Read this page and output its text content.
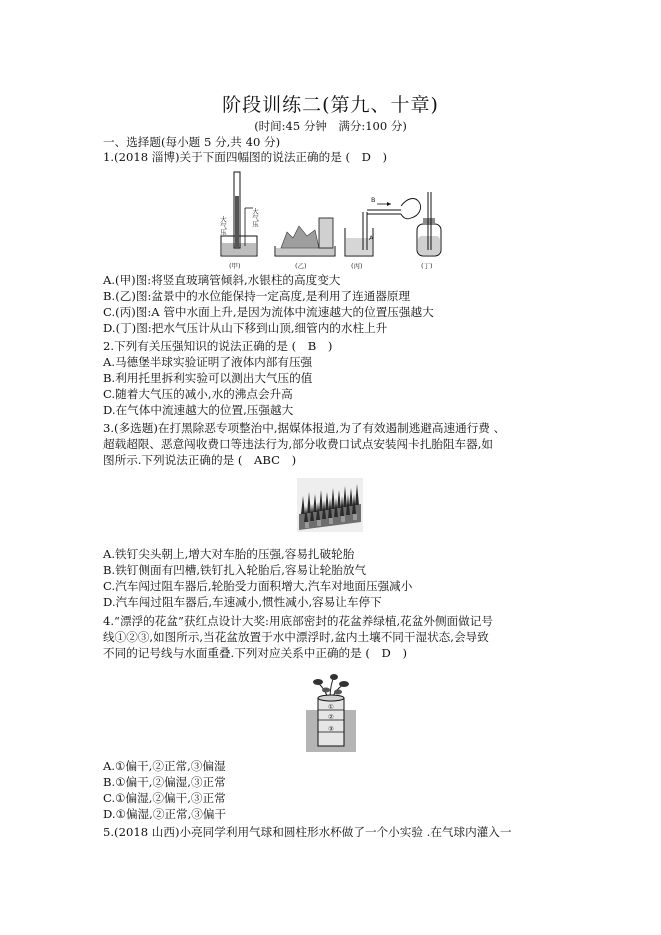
阶段训练二(第九、十章)
(时间:45 分钟　满分:100 分)
一、选择题(每小题 5 分,共 40 分)
1.(2018 淄博)关于下面四幅图的说法正确的是 (　D　)
大气压	大气压
(甲)	(乙)
B
A
(丙)	(丁)
A.(甲)图:将竖直玻璃管倾斜,水银柱的高度变大
B.(乙)图:盆景中的水位能保持一定高度,是利用了连通器原理
C.(丙)图:A 管中水面上升,是因为流体中流速越大的位置压强越大
D.(丁)图:把水气压计从山下移到山顶,细管内的水柱上升
2.下列有关压强知识的说法正确的是 (　B　)
A.马德堡半球实验证明了液体内部有压强
B.利用托里拆利实验可以测出大气压的值
C.随着大气压的减小,水的沸点会升高
D.在气体中流速越大的位置,压强越大
3.(多选题)在打黑除恶专项整治中,据媒体报道,为了有效遏制逃避高速通行费 、
超载超限、恶意闯收费口等违法行为,部分收费口试点安装闯卡扎胎阻车器,如
图所示.下列说法正确的是 (　ABC　)
A.铁钉尖头朝上,增大对车胎的压强,容易扎破轮胎
B.铁钉侧面有凹槽,铁钉扎入轮胎后,容易让轮胎放气
C.汽车闯过阻车器后,轮胎受力面积增大,汽车对地面压强减小
D.汽车闯过阻车器后,车速减小,惯性减小,容易让车停下
4.“漂浮的花盆”获红点设计大奖:用底部密封的花盆养绿植,花盆外侧面做记号
线①②③,如图所示,当花盆放置于水中漂浮时,盆内土壤不同干湿状态,会导致
不同的记号线与水面重叠.下列对应关系中正确的是 (　D　)
①
②
③
A.①偏干,②正常,③偏湿
B.①偏干,②偏湿,③正常
C.①偏湿,②偏干,③正常
D.①偏湿,②正常,③偏干
5.(2018 山西)小亮同学利用气球和圆柱形水杯做了一个小实验 .在气球内灌入一
